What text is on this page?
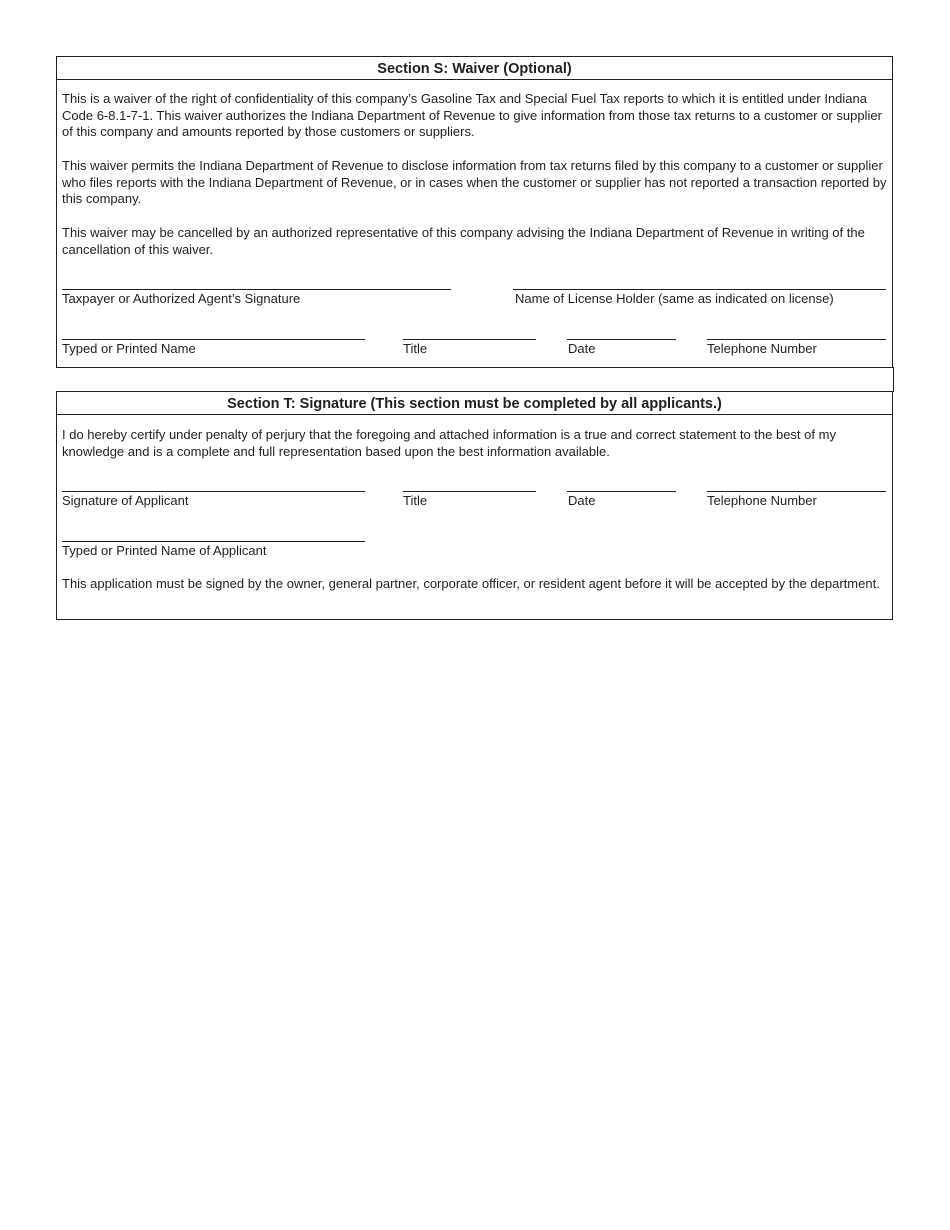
Section S: Waiver (Optional)

This is a waiver of the right of confidentiality of this company’s Gasoline Tax and Special Fuel Tax reports to which it is entitled under Indiana Code 6-8.1-7-1. This waiver authorizes the Indiana Department of Revenue to give information from those tax returns to a customer or supplier of this company and amounts reported by those customers or suppliers.

This waiver permits the Indiana Department of Revenue to disclose information from tax returns filed by this company to a customer or supplier who files reports with the Indiana Department of Revenue, or in cases when the customer or supplier has not reported a transaction reported by this company.

This waiver may be cancelled by an authorized representative of this company advising the Indiana Department of Revenue in writing of the cancellation of this waiver.

Taxpayer or Authorized Agent’s Signature	Name of License Holder (same as indicated on license)
Typed or Printed Name	Title	Date	Telephone Number
Section T: Signature (This section must be completed by all applicants.)

I do hereby certify under penalty of perjury that the foregoing and attached information is a true and correct statement to the best of my knowledge and is a complete and full representation based upon the best information available.

Signature of Applicant	Title	Date	Telephone Number
Typed or Printed Name of Applicant

This application must be signed by the owner, general partner, corporate officer, or resident agent before it will be accepted by the department.
